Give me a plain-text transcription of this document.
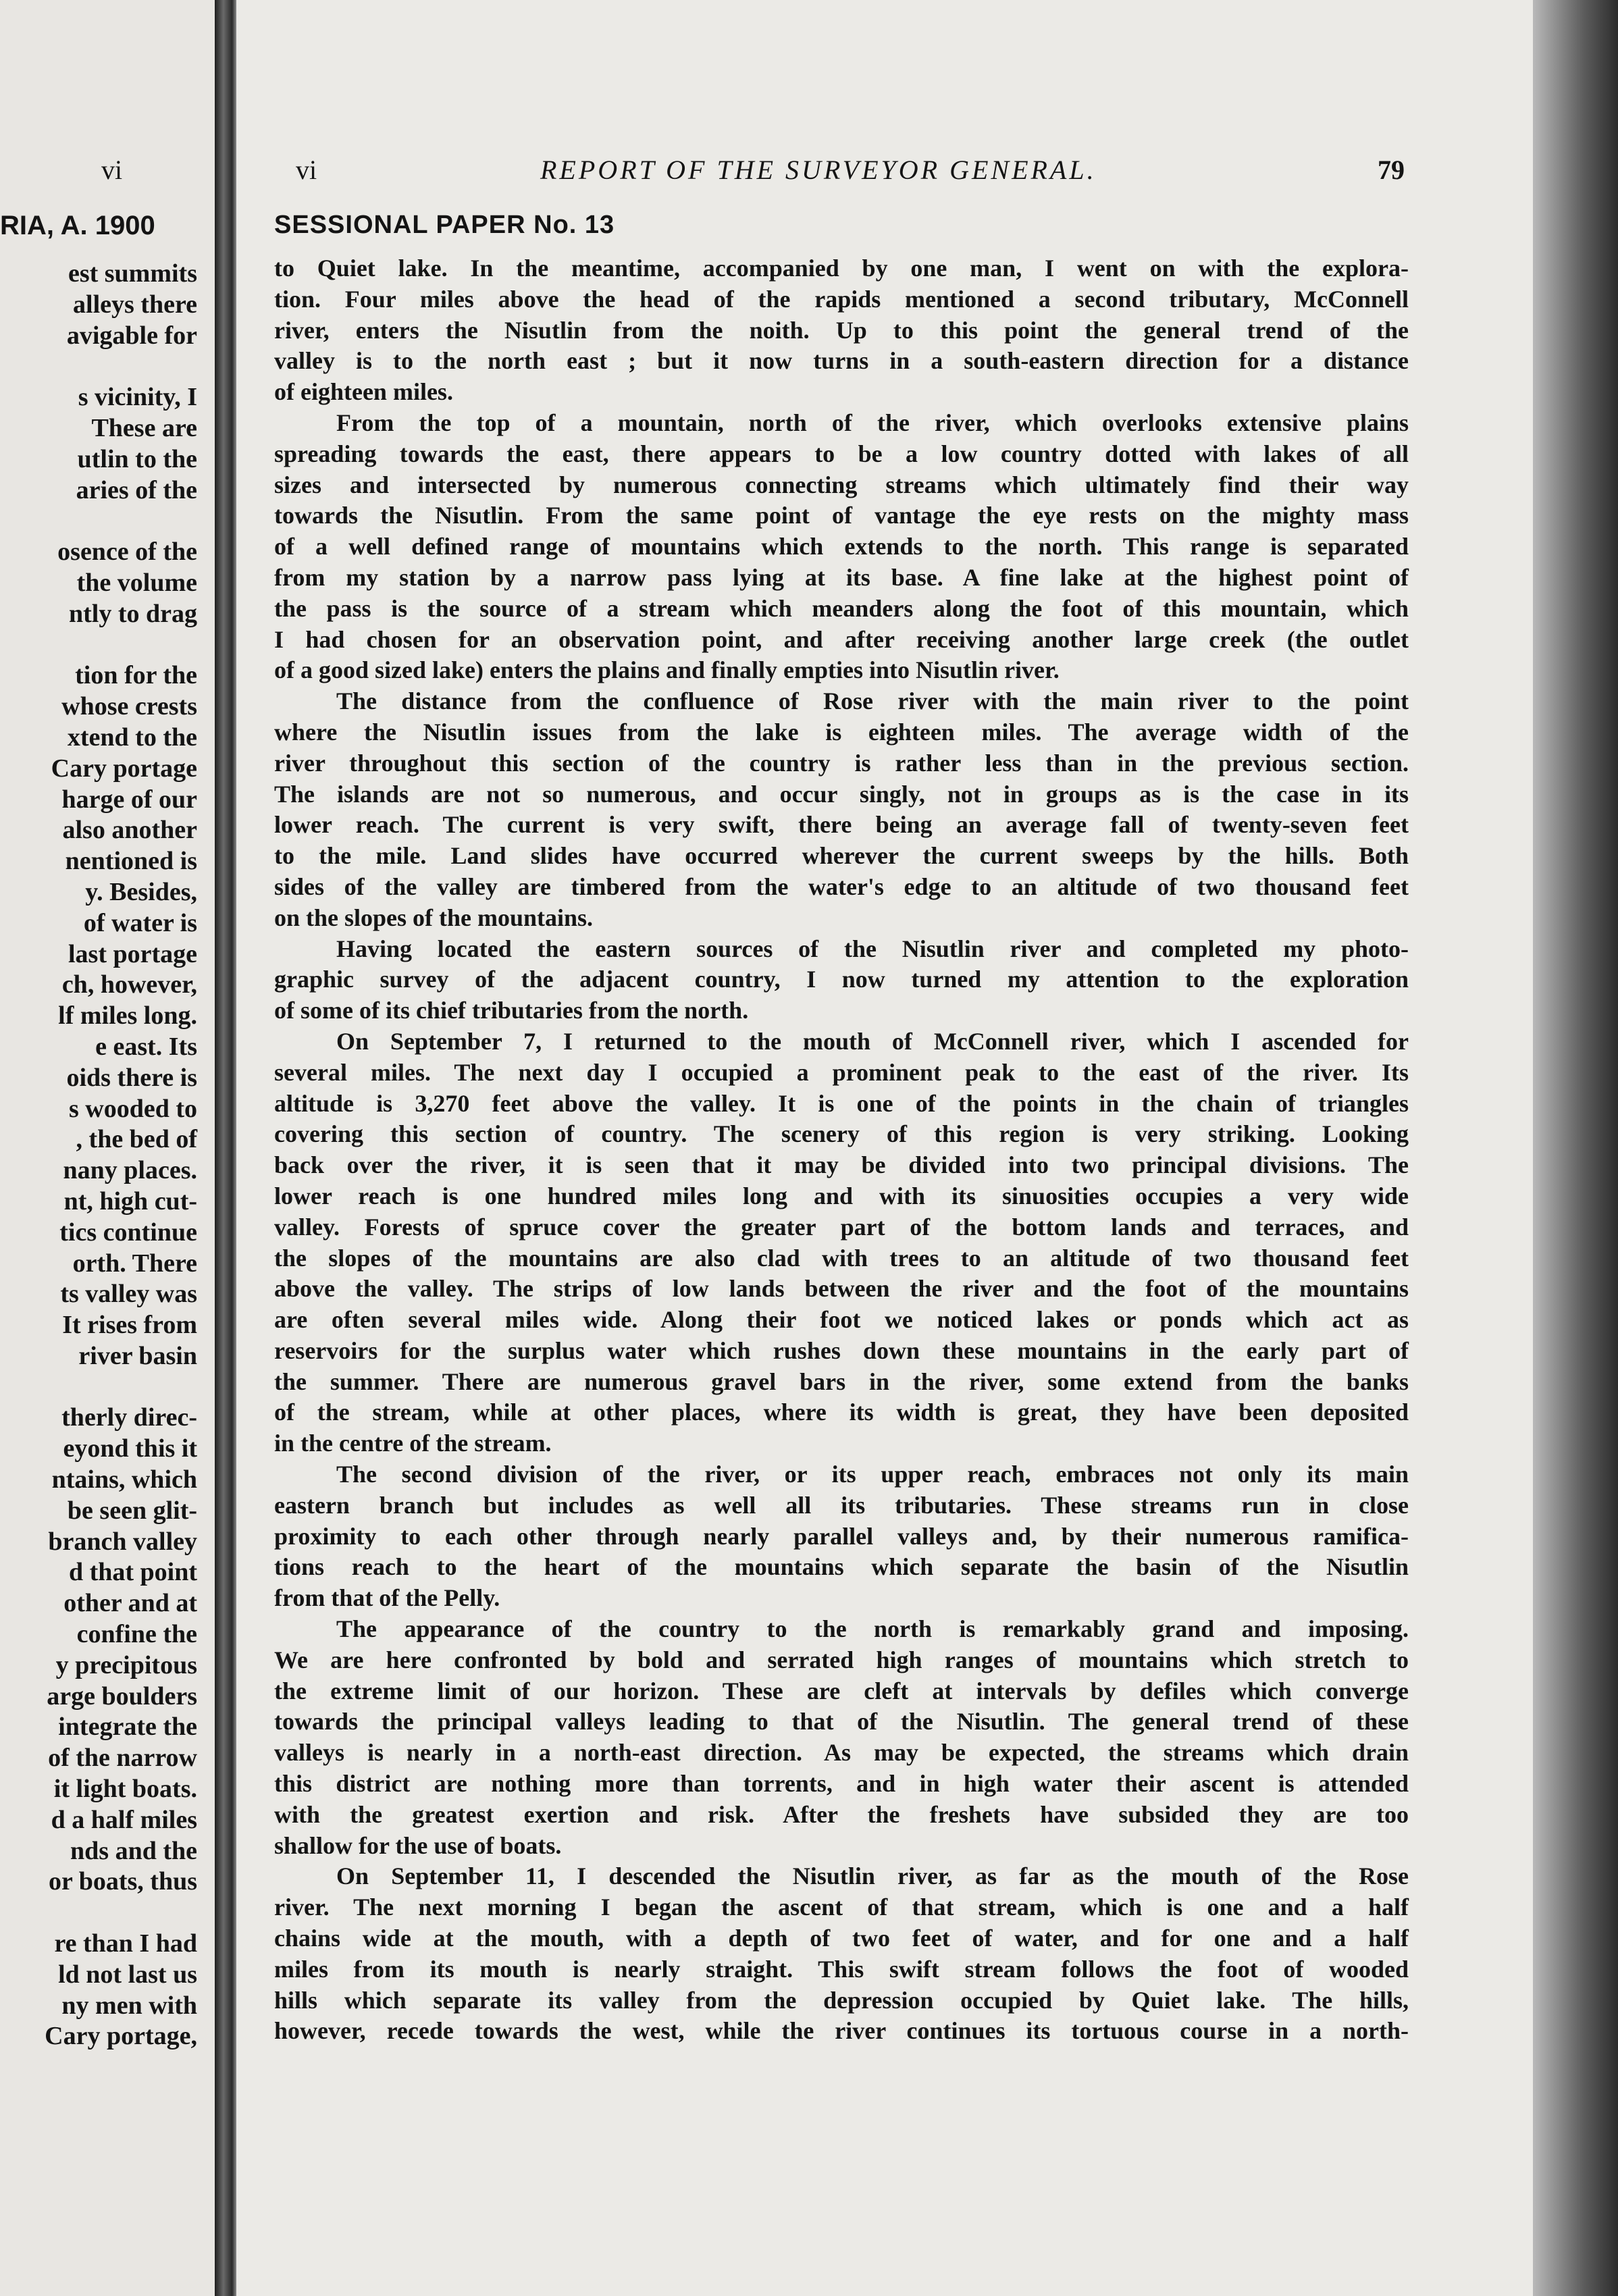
vi
RIA, A. 1900
est summits
alleys there
avigable for

s vicinity, I
These are
utlin to the
aries of the

osence of the
the volume
ntly to drag

tion for the
whose crests
xtend to the
Cary portage
harge of our
also another
nentioned is
y. Besides,
of water is
last portage
ch, however,
lf miles long.
e east. Its
oids there is
s wooded to
, the bed of
nany places.
nt, high cut-
tics continue
orth. There
ts valley was
It rises from
river basin

therly direc-
eyond this it
ntains, which
be seen glit-
branch valley
d that point
other and at
confine the
y precipitous
arge boulders
integrate the
of the narrow
it light boats.
d a half miles
nds and the
or boats, thus

re than I had
ld not last us
ny men with
Cary portage,
vi	REPORT OF THE SURVEYOR GENERAL.	79
SESSIONAL PAPER No. 13
to Quiet lake. In the meantime, accompanied by one man, I went on with the explora-
tion. Four miles above the head of the rapids mentioned a second tributary, McConnell
river, enters the Nisutlin from the noith. Up to this point the general trend of the
valley is to the north east ; but it now turns in a south-eastern direction for a distance
of eighteen miles.
From the top of a mountain, north of the river, which overlooks extensive plains
spreading towards the east, there appears to be a low country dotted with lakes of all
sizes and intersected by numerous connecting streams which ultimately find their way
towards the Nisutlin. From the same point of vantage the eye rests on the mighty mass
of a well defined range of mountains which extends to the north. This range is separated
from my station by a narrow pass lying at its base. A fine lake at the highest point of
the pass is the source of a stream which meanders along the foot of this mountain, which
I had chosen for an observation point, and after receiving another large creek (the outlet
of a good sized lake) enters the plains and finally empties into Nisutlin river.
The distance from the confluence of Rose river with the main river to the point
where the Nisutlin issues from the lake is eighteen miles. The average width of the
river throughout this section of the country is rather less than in the previous section.
The islands are not so numerous, and occur singly, not in groups as is the case in its
lower reach. The current is very swift, there being an average fall of twenty-seven feet
to the mile. Land slides have occurred wherever the current sweeps by the hills. Both
sides of the valley are timbered from the water's edge to an altitude of two thousand feet
on the slopes of the mountains.
Having located the eastern sources of the Nisutlin river and completed my photo-
graphic survey of the adjacent country, I now turned my attention to the exploration
of some of its chief tributaries from the north.
On September 7, I returned to the mouth of McConnell river, which I ascended for
several miles. The next day I occupied a prominent peak to the east of the river. Its
altitude is 3,270 feet above the valley. It is one of the points in the chain of triangles
covering this section of country. The scenery of this region is very striking. Looking
back over the river, it is seen that it may be divided into two principal divisions. The
lower reach is one hundred miles long and with its sinuosities occupies a very wide
valley. Forests of spruce cover the greater part of the bottom lands and terraces, and
the slopes of the mountains are also clad with trees to an altitude of two thousand feet
above the valley. The strips of low lands between the river and the foot of the mountains
are often several miles wide. Along their foot we noticed lakes or ponds which act as
reservoirs for the surplus water which rushes down these mountains in the early part of
the summer. There are numerous gravel bars in the river, some extend from the banks
of the stream, while at other places, where its width is great, they have been deposited
in the centre of the stream.
The second division of the river, or its upper reach, embraces not only its main
eastern branch but includes as well all its tributaries. These streams run in close
proximity to each other through nearly parallel valleys and, by their numerous ramifica-
tions reach to the heart of the mountains which separate the basin of the Nisutlin
from that of the Pelly.
The appearance of the country to the north is remarkably grand and imposing.
We are here confronted by bold and serrated high ranges of mountains which stretch to
the extreme limit of our horizon. These are cleft at intervals by defiles which converge
towards the principal valleys leading to that of the Nisutlin. The general trend of these
valleys is nearly in a north-east direction. As may be expected, the streams which drain
this district are nothing more than torrents, and in high water their ascent is attended
with the greatest exertion and risk. After the freshets have subsided they are too
shallow for the use of boats.
On September 11, I descended the Nisutlin river, as far as the mouth of the Rose
river. The next morning I began the ascent of that stream, which is one and a half
chains wide at the mouth, with a depth of two feet of water, and for one and a half
miles from its mouth is nearly straight. This swift stream follows the foot of wooded
hills which separate its valley from the depression occupied by Quiet lake. The hills,
however, recede towards the west, while the river continues its tortuous course in a north-
